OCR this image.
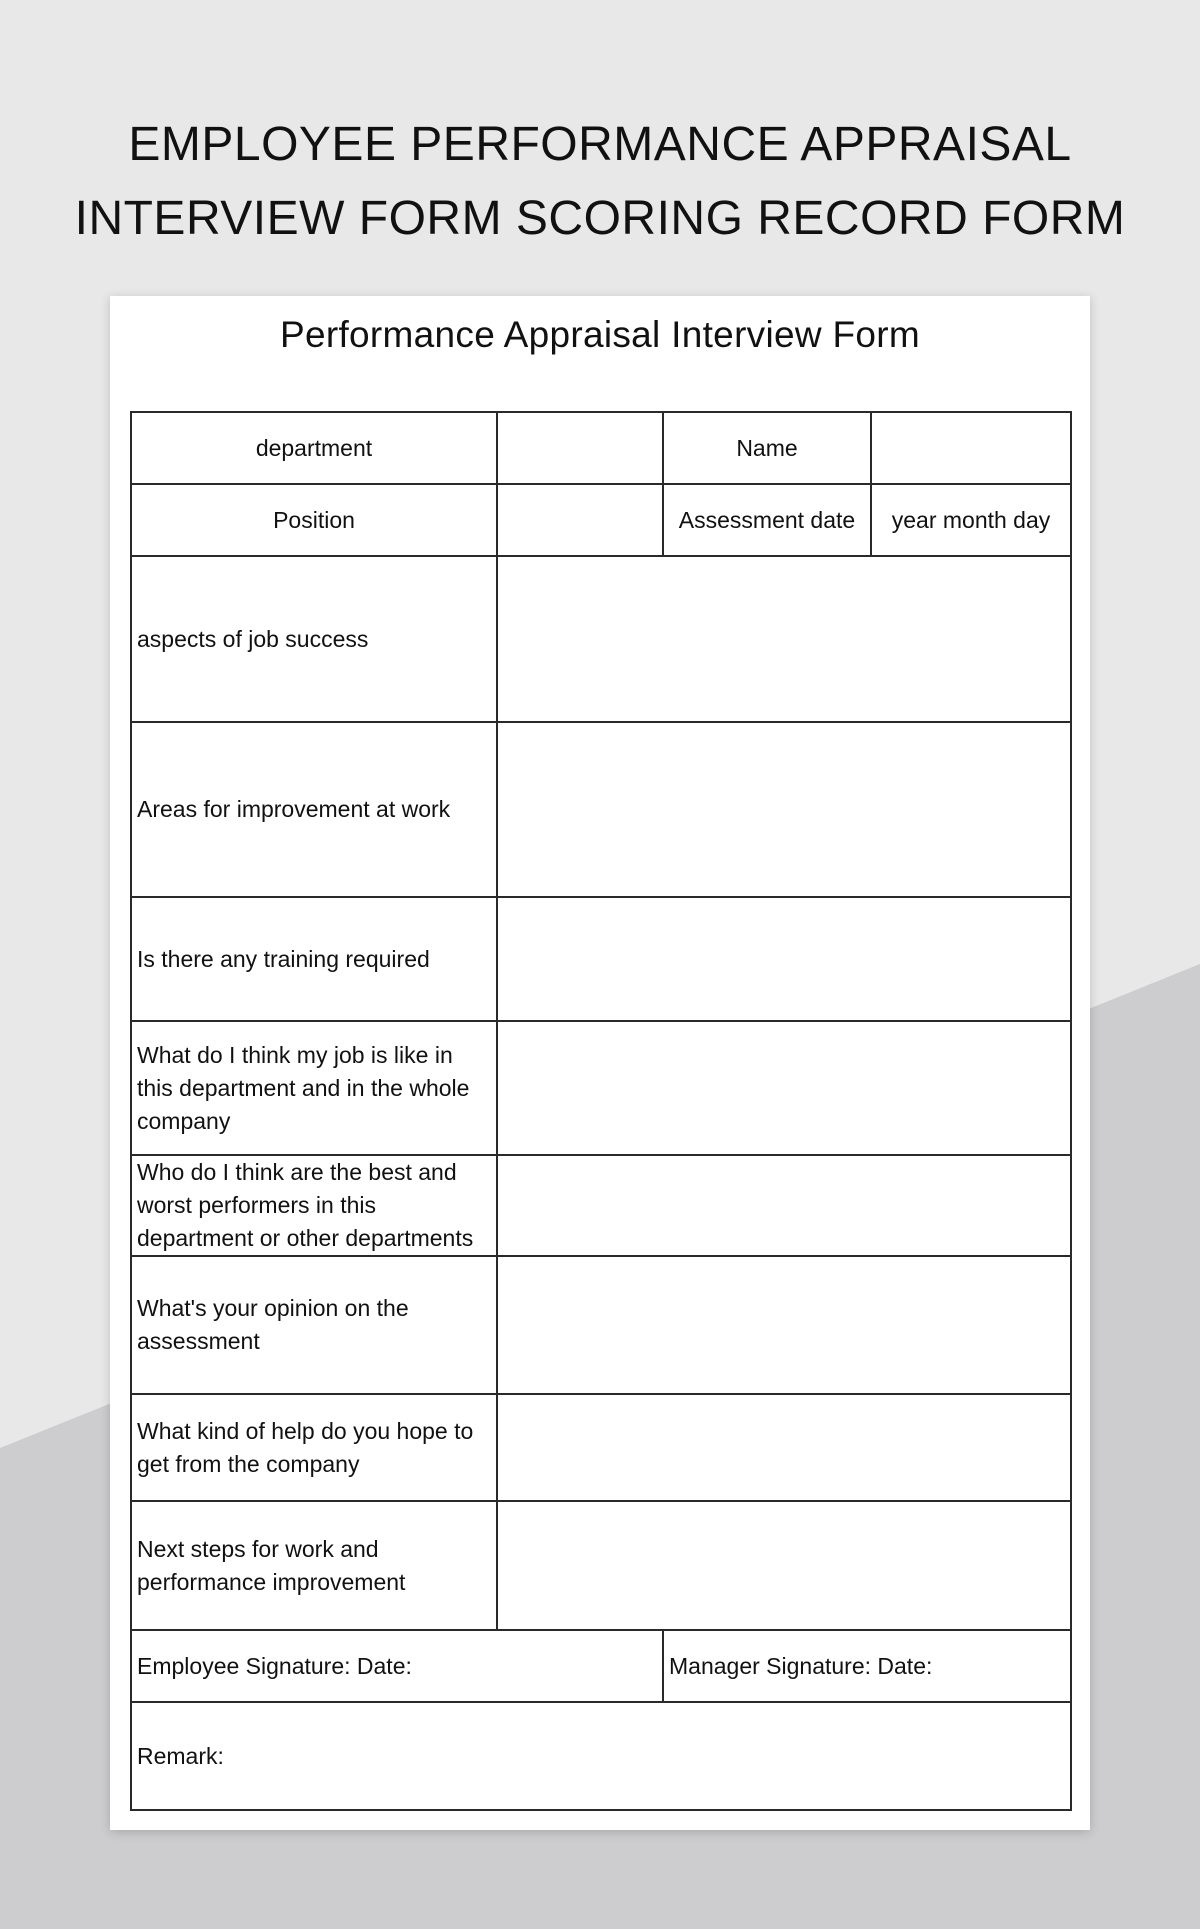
EMPLOYEE PERFORMANCE APPRAISAL
INTERVIEW FORM SCORING RECORD FORM
Performance Appraisal Interview Form
department		Name	
Position		Assessment date	year month day
aspects of job success			
Areas for improvement at work			
Is there any training required			
What do I think my job is like in this department and in the whole company			
Who do I think are the best and worst performers in this department or other departments			
What's your opinion on the assessment			
What kind of help do you hope to get from the company			
Next steps for work and performance improvement			
Employee Signature: Date:		Manager Signature: Date:	
Remark:			
